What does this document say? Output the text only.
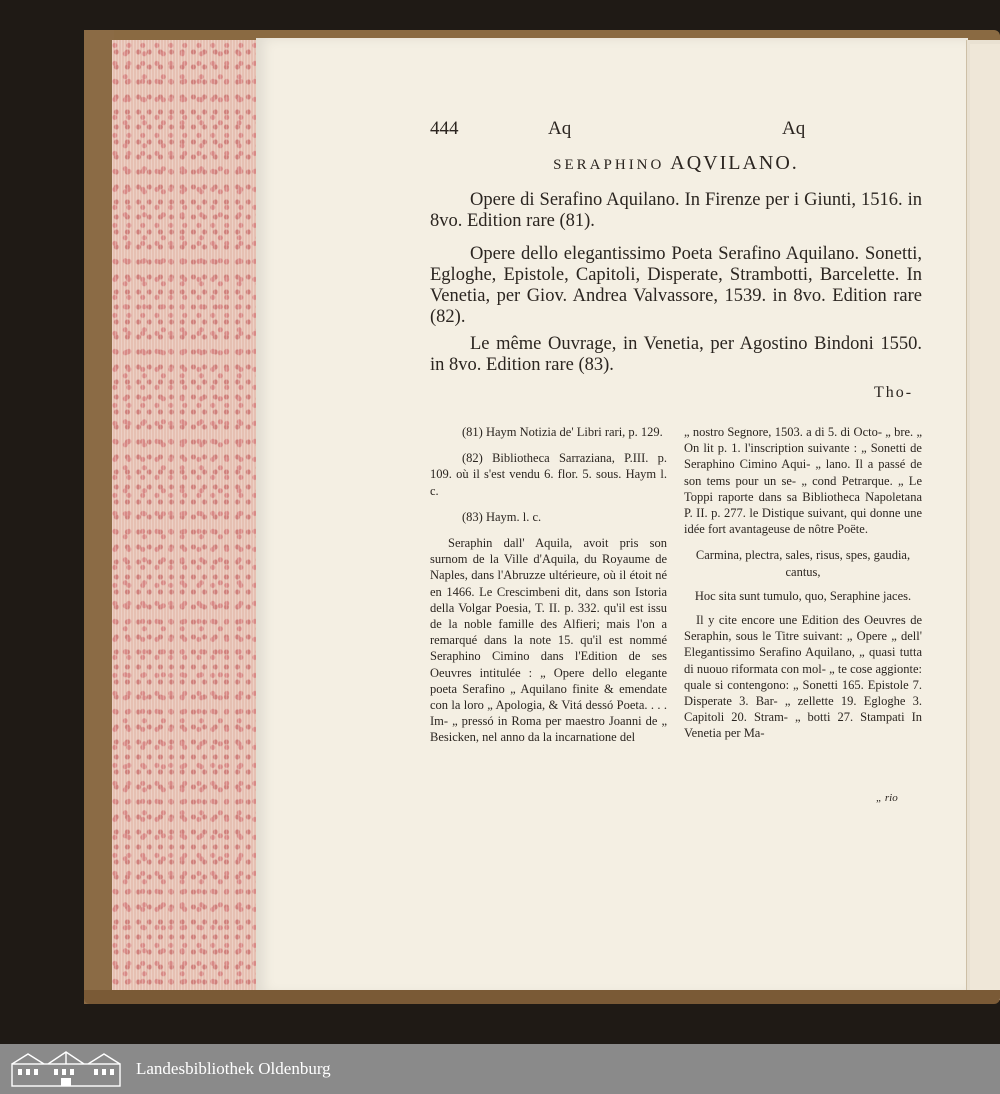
444	Aq	Aq
SERAPHINO AQVILANO.
Opere di Serafino Aquilano. In Firenze per i Giunti, 1516. in 8vo. Edition rare (81).
Opere dello elegantissimo Poeta Serafino Aquilano. Sonetti, Egloghe, Epistole, Capitoli, Disperate, Strambotti, Barcelette. In Venetia, per Giov. Andrea Valvassore, 1539. in 8vo. Edition rare (82).
Le même Ouvrage, in Venetia, per Agostino Bindoni 1550. in 8vo. Edition rare (83).
Tho-

(81) Haym Notizia de' Libri rari, p. 129.

(82) Bibliotheca Sarraziana, P.III. p. 109. où il s'est vendu 6. flor. 5. sous. Haym l. c.

(83) Haym. l. c.

Seraphin dall' Aquila, avoit pris son surnom de la Ville d'Aquila, du Royaume de Naples, dans l'Abruzze ultérieure, où il étoit né en 1466. Le Crescimbeni dit, dans son Istoria della Volgar Poesia, T. II. p. 332. qu'il est issu de la noble famille des Alfieri; mais l'on a remarqué dans la note 15. qu'il est nommé Seraphino Cimino dans l'Edition de ses Oeuvres intitulée : „ Opere dello elegante poeta Serafino „ Aquilano finite & emendate con la loro „ Apologia, & Vitá dessó Poeta. . . . Im- „ pressó in Roma per maestro Joanni de „ Besicken, nel anno da la incarnatione del

„ nostro Segnore, 1503. a di 5. di Octo- „ bre. „ On lit p. 1. l'inscription suivante : „ Sonetti de Seraphino Cimino Aqui- „ lano. Il a passé de son tems pour un se- „ cond Petrarque. „ Le Toppi raporte dans sa Bibliotheca Napoletana P. II. p. 277. le Distique suivant, qui donne une idée fort avantageuse de nôtre Poëte.

Carmina, plectra, sales, risus, spes, gaudia, cantus,

Hoc sita sunt tumulo, quo, Seraphine jaces.

Il y cite encore une Edition des Oeuvres de Seraphin, sous le Titre suivant: „ Opere „ dell' Elegantissimo Serafino Aquilano, „ quasi tutta di nuouo riformata con mol- „ te cose aggionte: quale si contengono: „ Sonetti 165. Epistole 7. Disperate 3. Bar- „ zellette 19. Egloghe 3. Capitoli 20. Stram- „ botti 27. Stampati In Venetia per Ma-

„ rio
Landesbibliothek Oldenburg
